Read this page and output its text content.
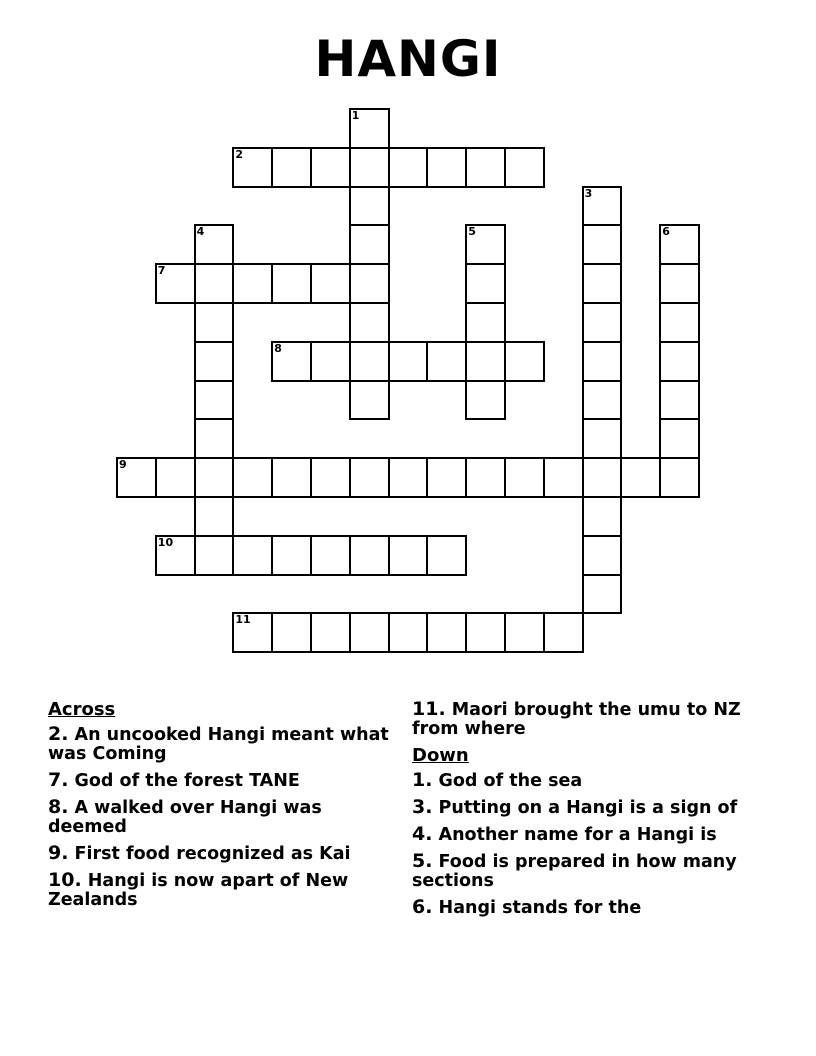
HANGI
1
2
3
4	5	6
7
8
9
10
11
Across
2. An uncooked Hangi meant what was Coming
7. God of the forest TANE
8. A walked over Hangi was deemed
9. First food recognized as Kai
10. Hangi is now apart of New Zealands
11. Maori brought the umu to NZ from where
Down
1. God of the sea
3. Putting on a Hangi is a sign of
4. Another name for a Hangi is
5. Food is prepared in how many sections
6. Hangi stands for the
